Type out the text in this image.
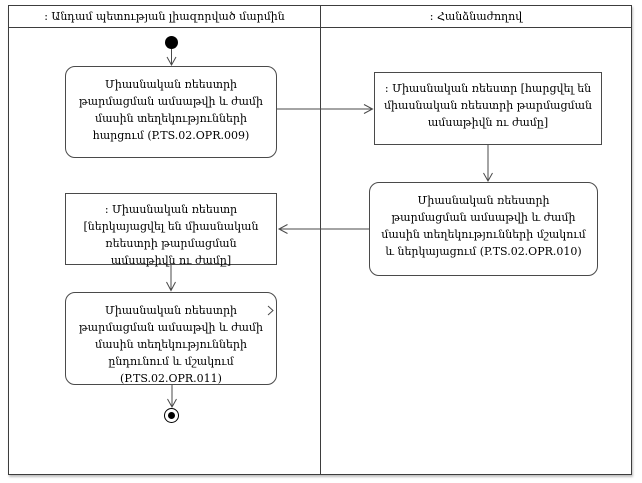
: Անդամ պետության լիազորված մարմին	: Հանձնաժողով
Միասնական ռեեստրի թարմացման ամսաթվի և ժամի մասին տեղեկությունների հարցում (P.TS.02.OPR.009)
: Միասնական ռեեստր [հարցվել են միասնական ռեեստրի թարմացման ամսաթիվն ու ժամը]
Միասնական ռեեստրի թարմացման ամսաթվի և ժամի մասին տեղեկությունների մշակում և ներկայացում (P.TS.02.OPR.010)
: Միասնական ռեեստր [ներկայացվել են միասնական ռեեստրի թարմացման ամսաթիվն ու ժամը]
Միասնական ռեեստրի թարմացման ամսաթվի և ժամի մասին տեղեկությունների ընդունում և մշակում (P.TS.02.OPR.011)
